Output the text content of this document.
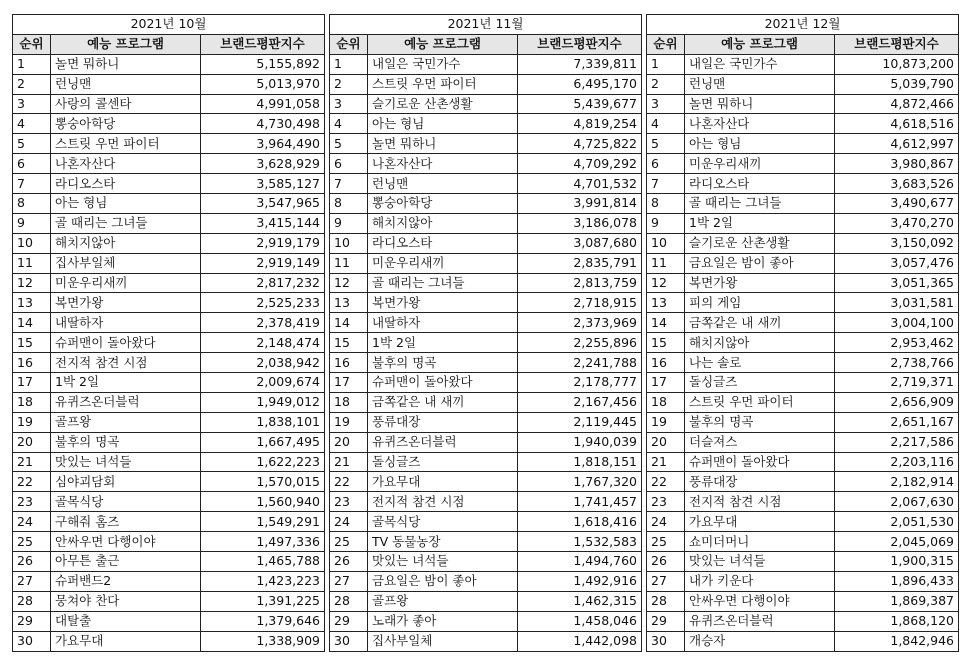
2021년 10월		
순위	예능 프로그램	브랜드평판지수
1	놀면 뭐하니	5,155,892
2	런닝맨	5,013,970
3	사랑의 콜센타	4,991,058
4	뽕숭아학당	4,730,498
5	스트릿 우먼 파이터	3,964,490
6	나혼자산다	3,628,929
7	라디오스타	3,585,127
8	아는 형님	3,547,965
9	골 때리는 그녀들	3,415,144
10	해치지않아	2,919,179
11	집사부일체	2,919,149
12	미운우리새끼	2,817,232
13	복면가왕	2,525,233
14	내딸하자	2,378,419
15	슈퍼맨이 돌아왔다	2,148,474
16	전지적 참견 시점	2,038,942
17	1박 2일	2,009,674
18	유퀴즈온더블럭	1,949,012
19	골프왕	1,838,101
20	불후의 명곡	1,667,495
21	맛있는 녀석들	1,622,223
22	심야괴담회	1,570,015
23	골목식당	1,560,940
24	구해줘 홈즈	1,549,291
25	안싸우면 다행이야	1,497,336
26	아무튼 출근	1,465,788
27	슈퍼밴드2	1,423,223
28	뭉쳐야 찬다	1,391,225
29	대탈출	1,379,646
30	가요무대	1,338,909
2021년 11월		
순위	예능 프로그램	브랜드평판지수
1	내일은 국민가수	7,339,811
2	스트릿 우먼 파이터	6,495,170
3	슬기로운 산촌생활	5,439,677
4	아는 형님	4,819,254
5	놀면 뭐하니	4,725,822
6	나혼자산다	4,709,292
7	런닝맨	4,701,532
8	뽕숭아학당	3,991,814
9	해치지않아	3,186,078
10	라디오스타	3,087,680
11	미운우리새끼	2,835,791
12	골 때리는 그녀들	2,813,759
13	복면가왕	2,718,915
14	내딸하자	2,373,969
15	1박 2일	2,255,896
16	불후의 명곡	2,241,788
17	슈퍼맨이 돌아왔다	2,178,777
18	금쪽같은 내 새끼	2,167,456
19	풍류대장	2,119,445
20	유퀴즈온더블럭	1,940,039
21	돌싱글즈	1,818,151
22	가요무대	1,767,320
23	전지적 참견 시점	1,741,457
24	골목식당	1,618,416
25	TV 동물농장	1,532,583
26	맛있는 녀석들	1,494,760
27	금요일은 밤이 좋아	1,492,916
28	골프왕	1,462,315
29	노래가 좋아	1,458,046
30	집사부일체	1,442,098
2021년 12월		
순위	예능 프로그램	브랜드평판지수
1	내일은 국민가수	10,873,200
2	런닝맨	5,039,790
3	놀면 뭐하니	4,872,466
4	나혼자산다	4,618,516
5	아는 형님	4,612,997
6	미운우리새끼	3,980,867
7	라디오스타	3,683,526
8	골 때리는 그녀들	3,490,677
9	1박 2일	3,470,270
10	슬기로운 산촌생활	3,150,092
11	금요일은 밤이 좋아	3,057,476
12	복면가왕	3,051,365
13	피의 게임	3,031,581
14	금쪽같은 내 새끼	3,004,100
15	해치지않아	2,953,462
16	나는 솔로	2,738,766
17	돌싱글즈	2,719,371
18	스트릿 우먼 파이터	2,656,909
19	불후의 명곡	2,651,167
20	더슬져스	2,217,586
21	슈퍼맨이 돌아왔다	2,203,116
22	풍류대장	2,182,914
23	전지적 참견 시점	2,067,630
24	가요무대	2,051,530
25	쇼미더머니	2,045,069
26	맛있는 녀석들	1,900,315
27	내가 키운다	1,896,433
28	안싸우면 다행이야	1,869,387
29	유퀴즈온더블럭	1,868,120
30	개승자	1,842,946
